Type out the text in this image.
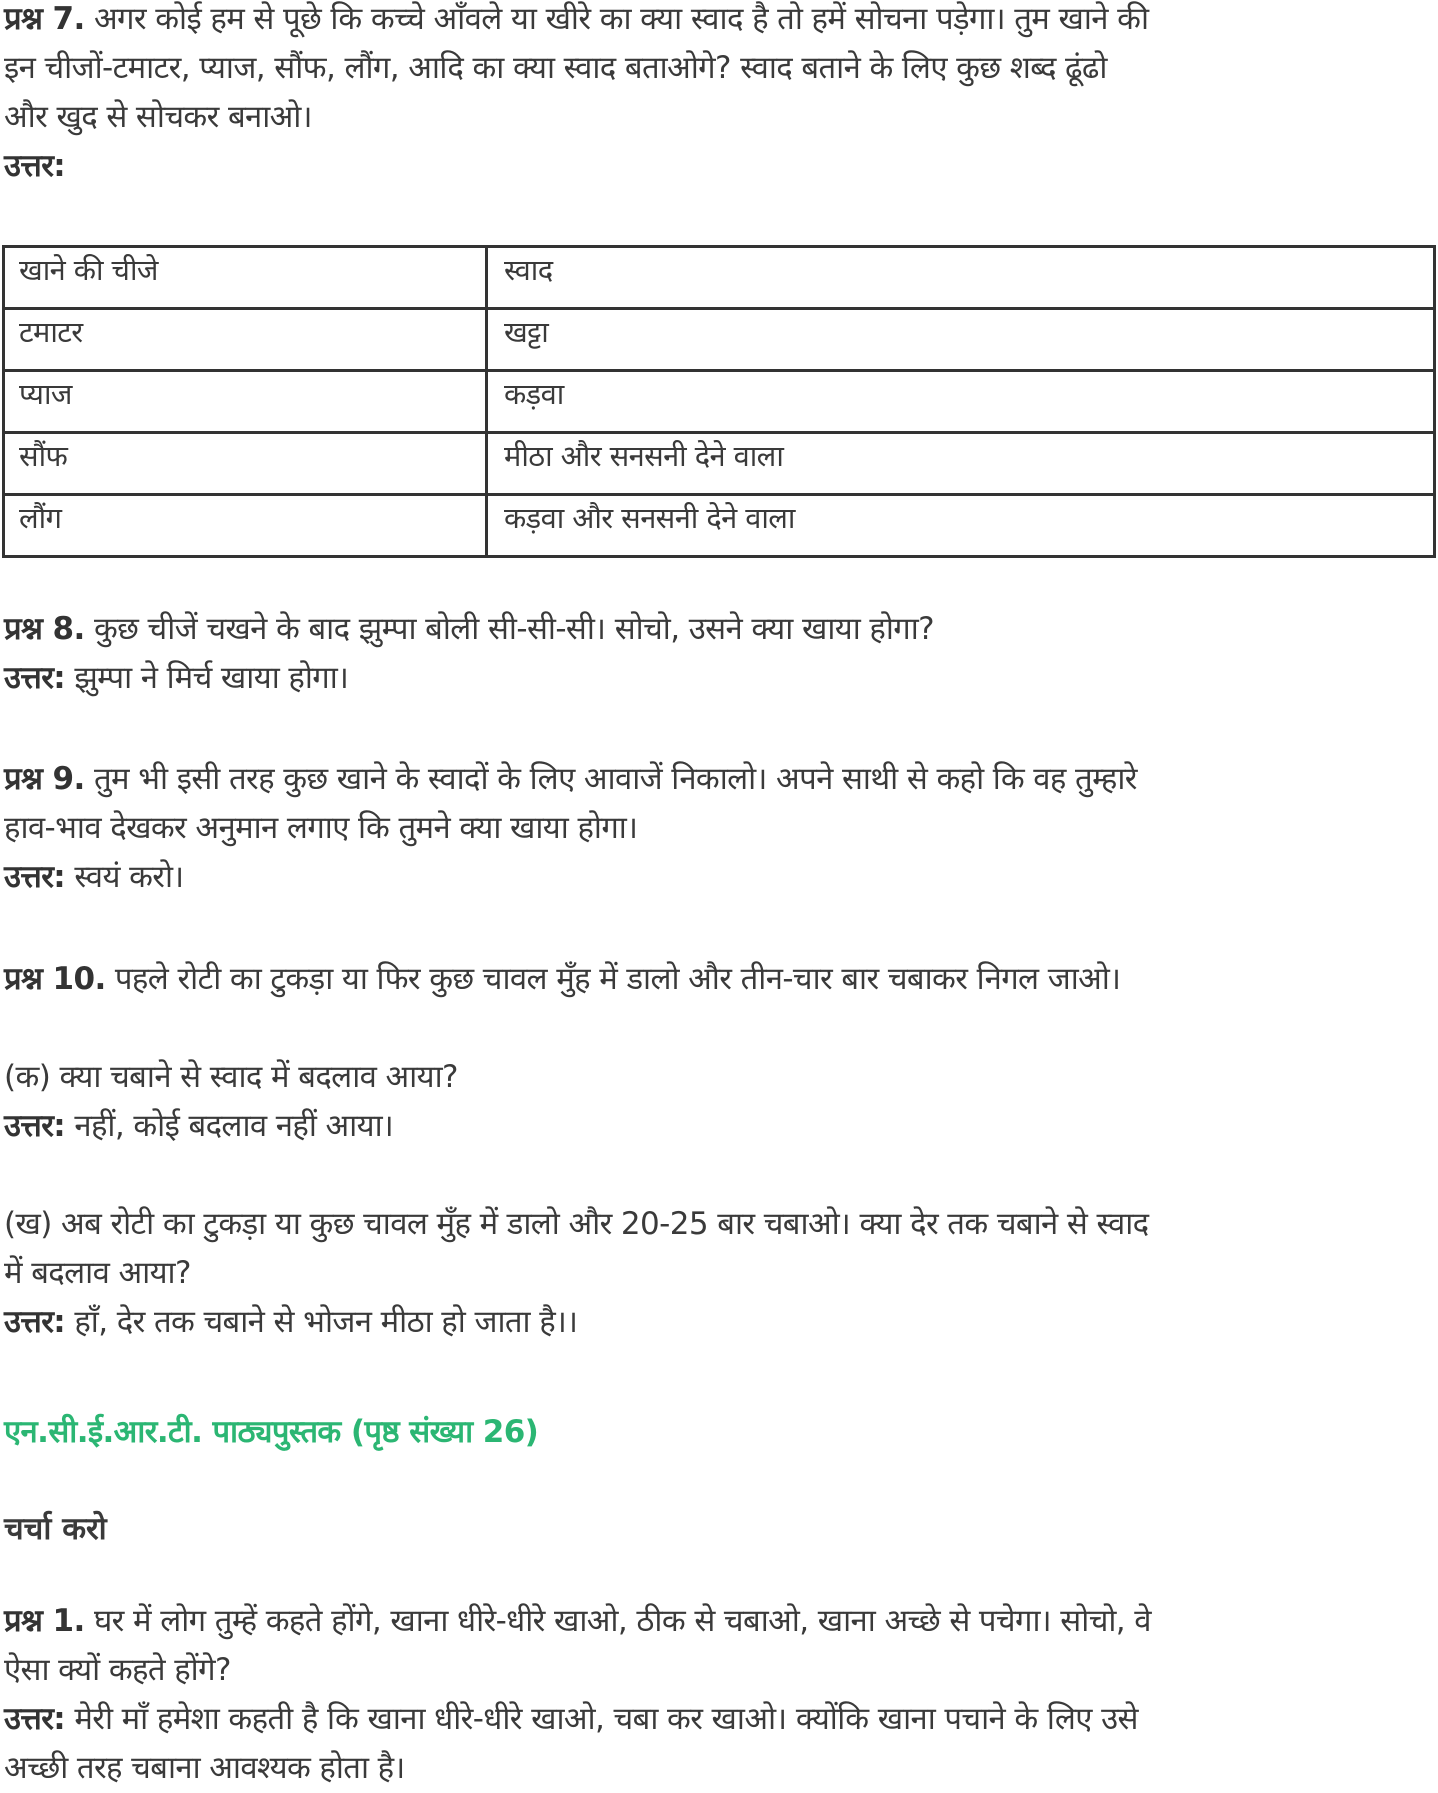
प्रश्न 7. अगर कोई हम से पूछे कि कच्चे आँवले या खीरे का क्या स्वाद है तो हमें सोचना पड़ेगा। तुम खाने की
इन चीजों-टमाटर, प्याज, सौंफ, लौंग, आदि का क्या स्वाद बताओगे? स्वाद बताने के लिए कुछ शब्द ढूंढो
और खुद से सोचकर बनाओ।
उत्तर:
खाने की चीजे	स्वाद
टमाटर	खट्टा
प्याज	कड़वा
सौंफ	मीठा और सनसनी देने वाला
लौंग	कड़वा और सनसनी देने वाला
प्रश्न 8. कुछ चीजें चखने के बाद झुम्पा बोली सी-सी-सी। सोचो, उसने क्या खाया होगा?
उत्तर: झुम्पा ने मिर्च खाया होगा।
प्रश्न 9. तुम भी इसी तरह कुछ खाने के स्वादों के लिए आवाजें निकालो। अपने साथी से कहो कि वह तुम्हारे
हाव-भाव देखकर अनुमान लगाए कि तुमने क्या खाया होगा।
उत्तर: स्वयं करो।
प्रश्न 10. पहले रोटी का टुकड़ा या फिर कुछ चावल मुँह में डालो और तीन-चार बार चबाकर निगल जाओ।
(क) क्या चबाने से स्वाद में बदलाव आया?
उत्तर: नहीं, कोई बदलाव नहीं आया।
(ख) अब रोटी का टुकड़ा या कुछ चावल मुँह में डालो और 20-25 बार चबाओ। क्या देर तक चबाने से स्वाद
में बदलाव आया?
उत्तर: हाँ, देर तक चबाने से भोजन मीठा हो जाता है।।
एन.सी.ई.आर.टी. पाठ्यपुस्तक (पृष्ठ संख्या 26)
चर्चा करो
प्रश्न 1. घर में लोग तुम्हें कहते होंगे, खाना धीरे-धीरे खाओ, ठीक से चबाओ, खाना अच्छे से पचेगा। सोचो, वे
ऐसा क्यों कहते होंगे?
उत्तर: मेरी माँ हमेशा कहती है कि खाना धीरे-धीरे खाओ, चबा कर खाओ। क्योंकि खाना पचाने के लिए उसे
अच्छी तरह चबाना आवश्यक होता है।
